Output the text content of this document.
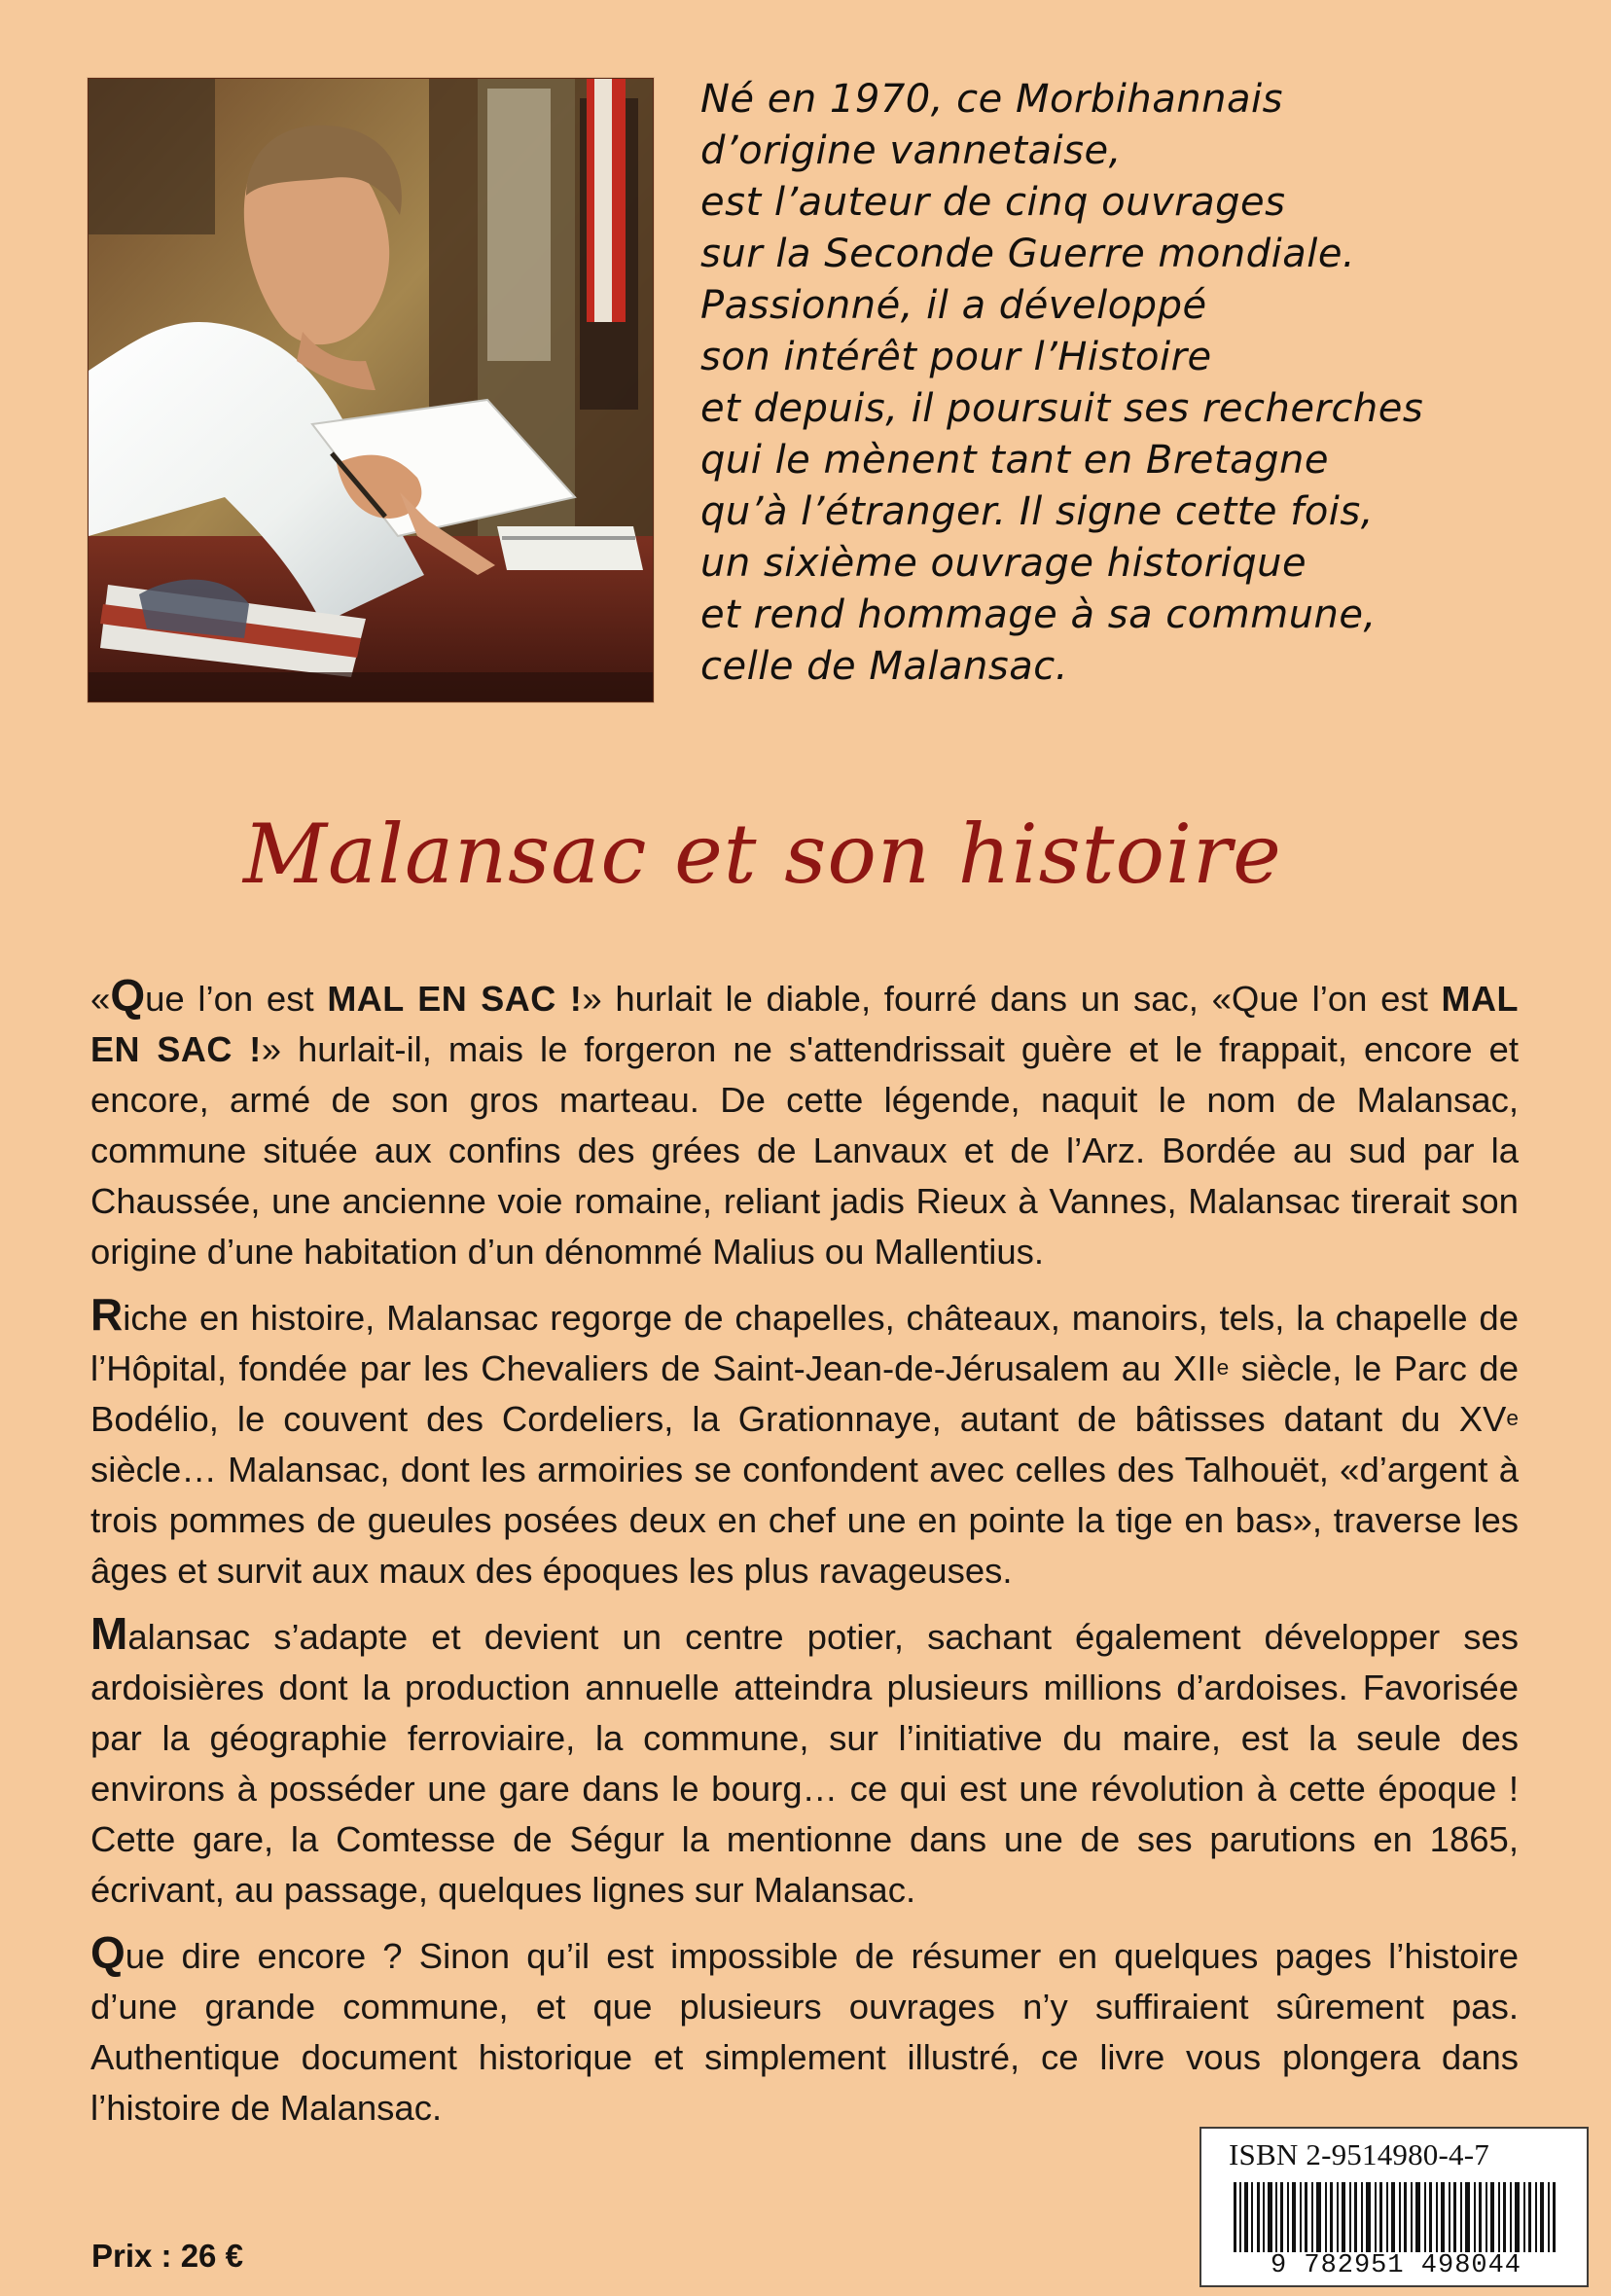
Né en 1970, ce Morbihannais
d’origine vannetaise,
est l’auteur de cinq ouvrages
sur la Seconde Guerre mondiale.
Passionné, il a développé
son intérêt pour l’Histoire
et depuis, il poursuit ses recherches
qui le mènent tant en Bretagne
qu’à l’étranger. Il signe cette fois,
un sixième ouvrage historique
et rend hommage à sa commune,
celle de Malansac.
Malansac et son histoire

«Que l’on est MAL EN SAC !» hurlait le diable, fourré dans un sac, «Que l’on est MAL EN SAC !» hurlait-il, mais le forgeron ne s'attendrissait guère et le frappait, encore et encore, armé de son gros marteau. De cette légende, naquit le nom de Malansac, commune située aux confins des grées de Lanvaux et de l’Arz. Bordée au sud par la Chaussée, une ancienne voie romaine, reliant jadis Rieux à Vannes, Malansac tirerait son origine d’une habitation d’un dénommé Malius ou Mallentius.

Riche en histoire, Malansac regorge de chapelles, châteaux, manoirs, tels, la chapelle de l’Hôpital, fondée par les Chevaliers de Saint-Jean-de-Jérusalem au XIIe siècle, le Parc de Bodélio, le couvent des Cordeliers, la Grationnaye, autant de bâtisses datant du XVe siècle… Malansac, dont les armoiries se confondent avec celles des Talhouët, «d’argent à trois pommes de gueules posées deux en chef une en pointe la tige en bas», traverse les âges et survit aux maux des époques les plus ravageuses.

Malansac s’adapte et devient un centre potier, sachant également développer ses ardoisières dont la production annuelle atteindra plusieurs millions d’ardoises. Favorisée par la géographie ferroviaire, la commune, sur l’initiative du maire, est la seule des environs à posséder une gare dans le bourg… ce qui est une révolution à cette époque ! Cette gare, la Comtesse de Ségur la mentionne dans une de ses parutions en 1865, écrivant, au passage, quelques lignes sur Malansac.

Que dire encore ? Sinon qu’il est impossible de résumer en quelques pages l’histoire d’une grande commune, et que plusieurs ouvrages n’y suffiraient sûrement pas. Authentique document historique et simplement illustré, ce livre vous plongera dans l’histoire de Malansac.

Prix : 26 €
ISBN 2-9514980-4-7
9 782951 498044
